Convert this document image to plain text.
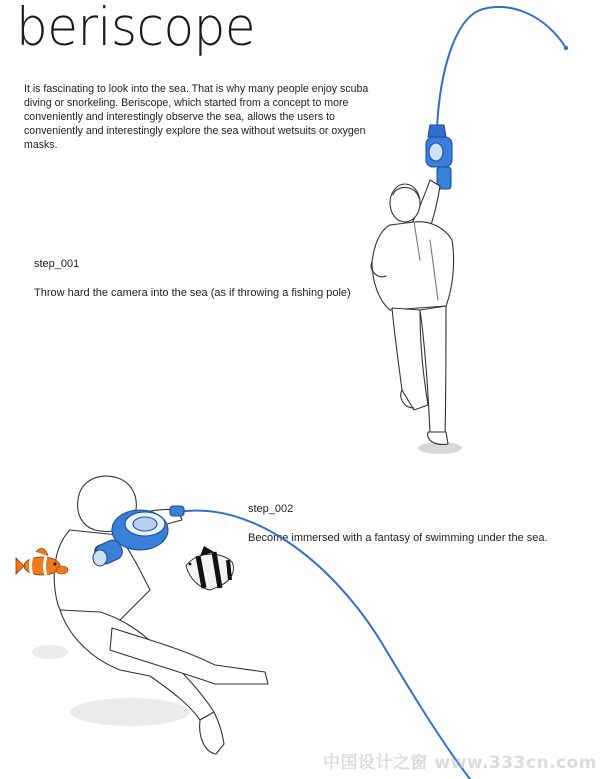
beriscope
It is fascinating to look into the sea. That is why many people enjoy scuba diving or snorkeling. Beriscope, which started from a concept to more conveniently and interestingly observe the sea, allows the users to conveniently and interestingly explore the sea without wetsuits or oxygen masks.
step_001
Throw hard the camera into the sea (as if throwing a fishing pole)
step_002
Become immersed with a fantasy of swimming under the sea.
中国设计之窗 www.333cn.com
